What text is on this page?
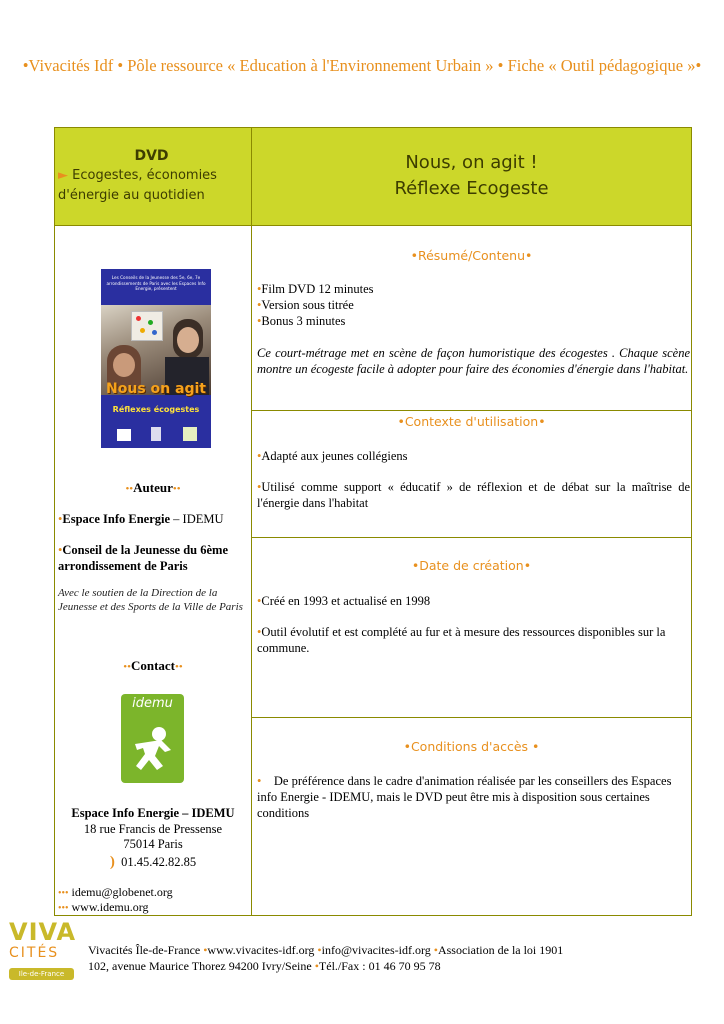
•Vivacités Idf • Pôle ressource « Education à l'Environnement Urbain » • Fiche « Outil pédagogique »•
DVD
► Ecogestes, économies d'énergie au quotidien
Nous, on agit !
Réflexe Ecogeste
Les Conseils de la Jeunesse des 5e, 6e, 7e arrondissements de Paris avec les Espaces Info Energie, présentent
Nous on agit
Réflexes écogestes
••Auteur••
•Espace Info Energie – IDEMU
•Conseil de la Jeunesse du 6ème arrondissement de Paris
Avec le soutien de la Direction de la Jeunesse et des Sports de la Ville de Paris
••Contact••
idemu
Espace Info Energie – IDEMU
18 rue Francis de Pressense
75014 Paris
) 01.45.42.82.85
••• idemu@globenet.org
••• www.idemu.org
•Résumé/Contenu•
•Film DVD 12 minutes
•Version sous titrée
•Bonus 3 minutes
Ce court-métrage met en scène de façon humoristique des écogestes . Chaque scène montre un écogeste facile à adopter pour faire des économies d'énergie dans l'habitat.
•Contexte d'utilisation•
•Adapté aux jeunes collégiens
•Utilisé comme support « éducatif » de réflexion et de débat sur la maîtrise de l'énergie dans l'habitat
•Date de création•
•Créé en 1993 et actualisé en 1998
•Outil évolutif et est complété au fur et à mesure des ressources disponibles sur la commune.
•Conditions d'accès •
• De préférence dans le cadre d'animation réalisée par les conseillers des Espaces info Energie - IDEMU, mais le DVD peut être mis à disposition sous certaines conditions
VIVA
CITÉS
Ile-de-France
Vivacités Île-de-France •www.vivacites-idf.org •info@vivacites-idf.org •Association de la loi 1901
102, avenue Maurice Thorez 94200 Ivry/Seine •Tél./Fax : 01 46 70 95 78
